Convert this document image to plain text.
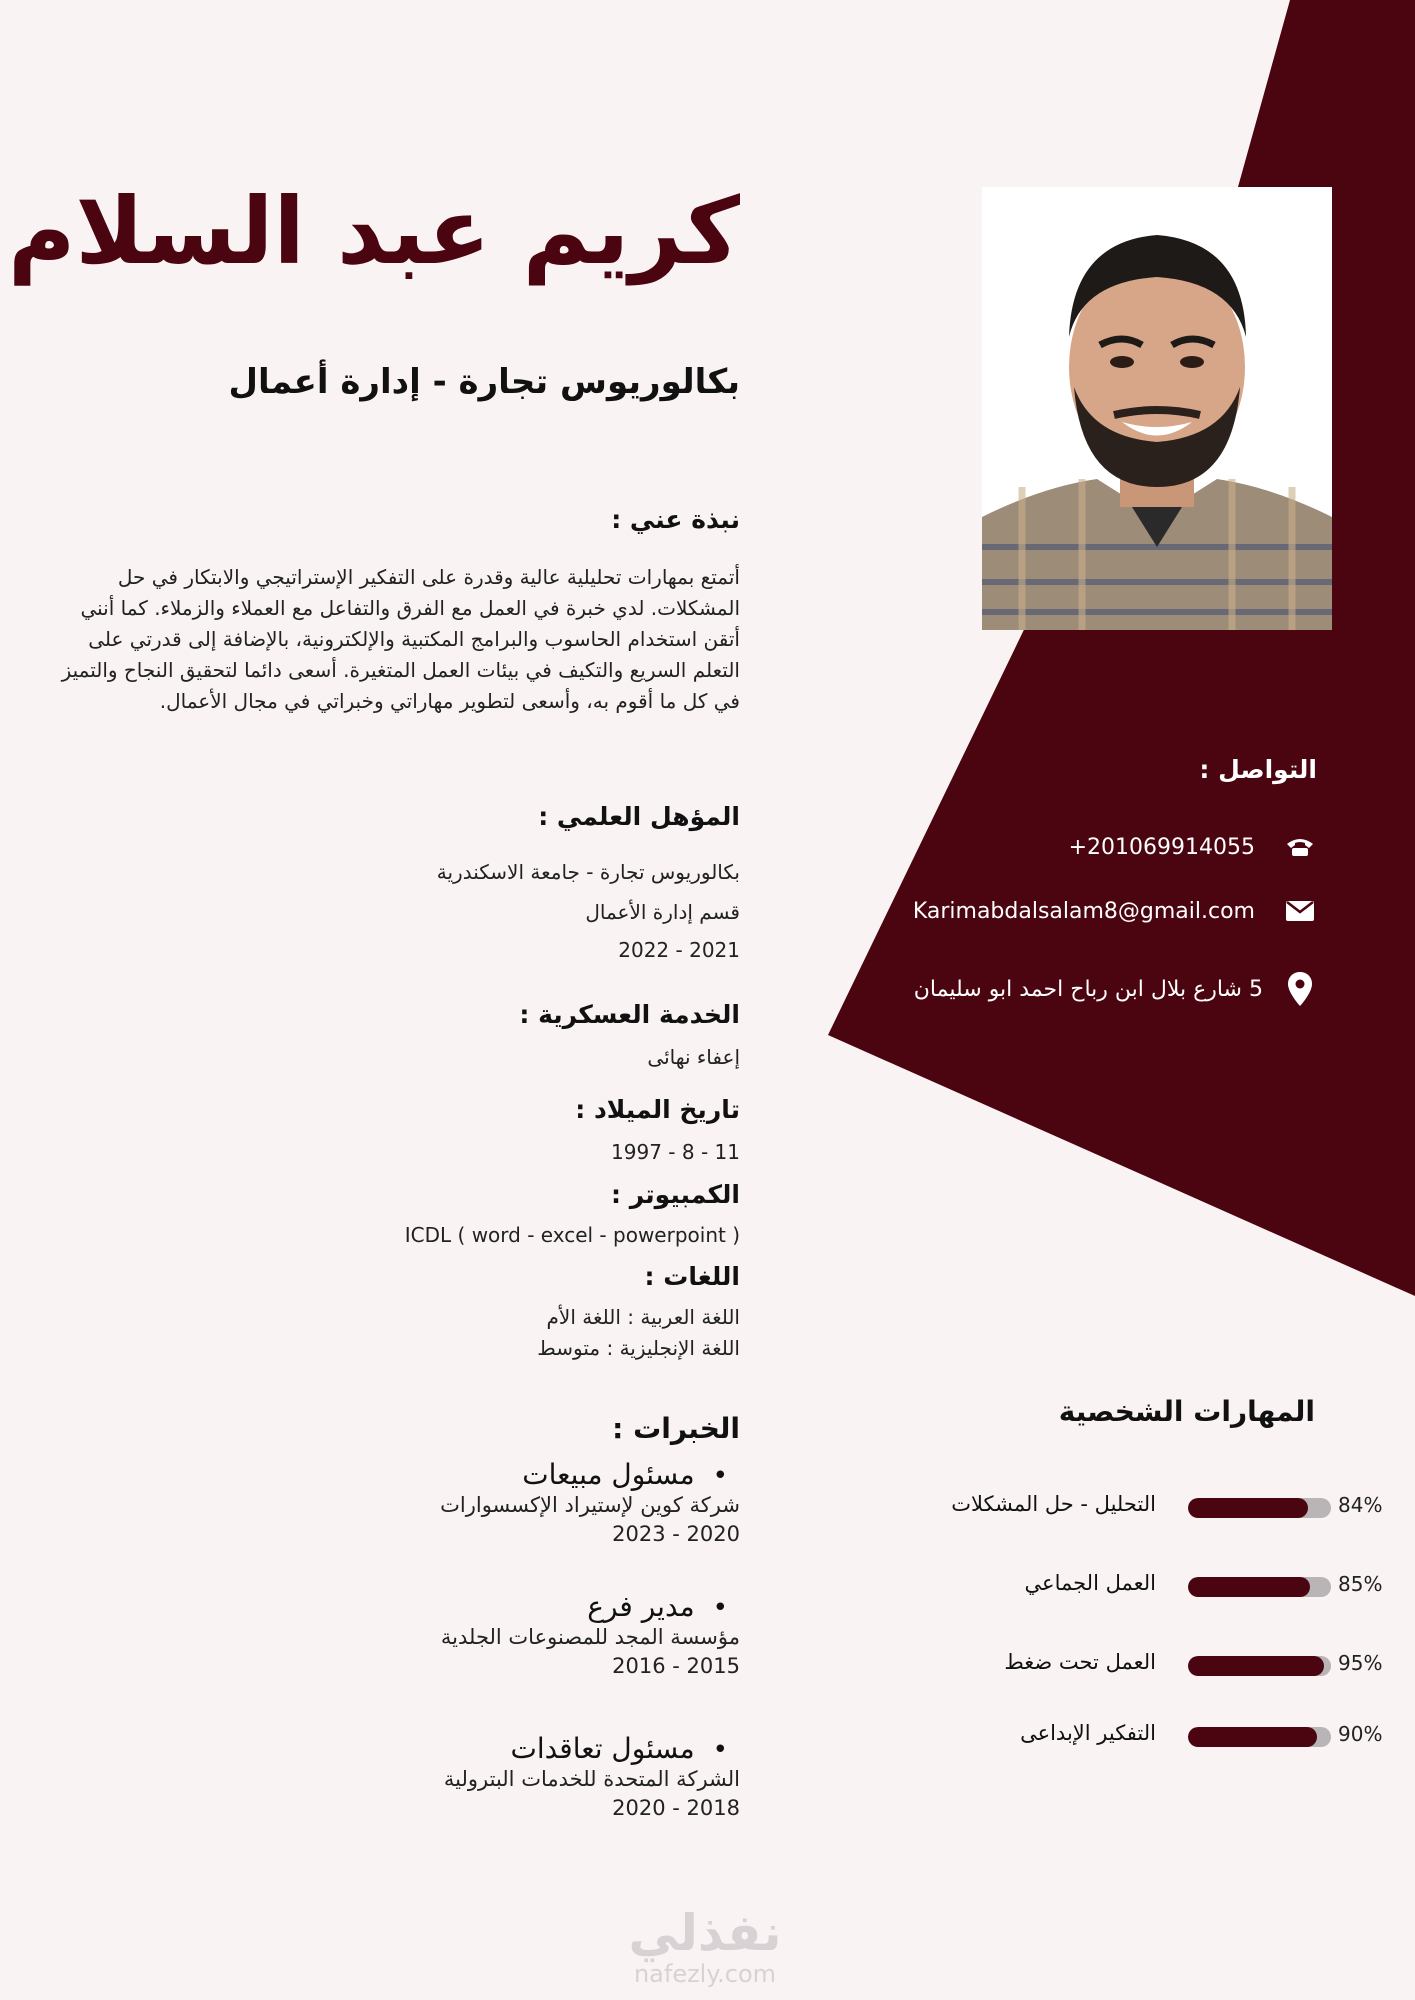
كريم عبد السلام
بكالوريوس تجارة - إدارة أعمال
نبذة عني :
أتمتع بمهارات تحليلية عالية وقدرة على التفكير الإستراتيجي والابتكار في حل المشكلات. لدي خبرة في العمل مع الفرق والتفاعل مع العملاء والزملاء. كما أنني أتقن استخدام الحاسوب والبرامج المكتبية والإلكترونية، بالإضافة إلى قدرتي على التعلم السريع والتكيف في بيئات العمل المتغيرة. أسعى دائما لتحقيق النجاح والتميز في كل ما أقوم به، وأسعى لتطوير مهاراتي وخبراتي في مجال الأعمال.
المؤهل العلمي :
بكالوريوس تجارة - جامعة الاسكندرية
قسم إدارة الأعمال
2021 - 2022
الخدمة العسكرية :
إعفاء نهائى
تاريخ الميلاد :
11 - 8 - 1997
الكمبيوتر :
ICDL ( word - excel - powerpoint )
اللغات :
اللغة العربية : اللغة الأم
اللغة الإنجليزية : متوسط
الخبرات :
•مسئول مبيعات
شركة كوين لإستيراد الإكسسوارات
2020 - 2023
•مدير فرع
مؤسسة المجد للمصنوعات الجلدية
2015 - 2016
•مسئول تعاقدات
الشركة المتحدة للخدمات البترولية
2018 - 2020
التواصل :
+201069914055
Karimabdalsalam8@gmail.com
5 شارع بلال ابن رباح احمد ابو سليمان
المهارات الشخصية
التحليل - حل المشكلات	84%
العمل الجماعي	85%
العمل تحت ضغط	95%
التفكير الإبداعى	90%
نفذلي
nafezly.com
